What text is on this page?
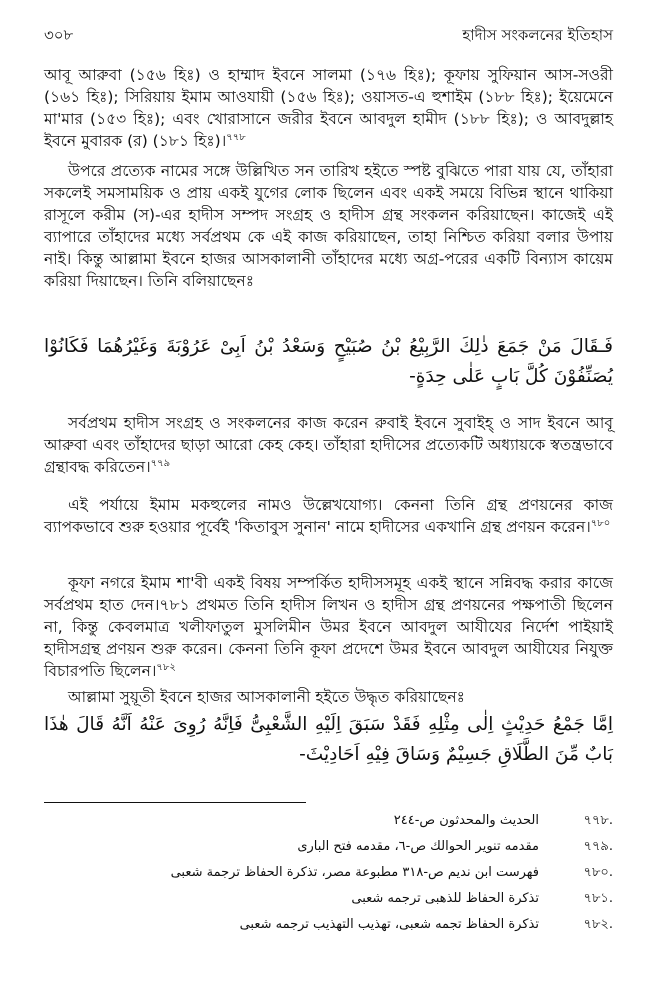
৩০৮	হাদীস সংকলনের ইতিহাস

আবূ আরুবা (১৫৬ হিঃ) ও হাম্মাদ ইবনে সালমা (১৭৬ হিঃ); কূফায় সুফিয়ান আস-সওরী (১৬১ হিঃ); সিরিয়ায় ইমাম আওযায়ী (১৫৬ হিঃ); ওয়াসত-এ হুশাইম (১৮৮ হিঃ); ইয়েমেনে মা'মার (১৫৩ হিঃ); এবং খোরাসানে জরীর ইবনে আবদুল হামীদ (১৮৮ হিঃ); ও আবদুল্লাহ ইবনে মুবারক (র) (১৮১ হিঃ)।$^{৭৭৮}$

উপরে প্রত্যেক নামের সঙ্গে উল্লিখিত সন তারিখ হইতে স্পষ্ট বুঝিতে পারা যায় যে, তাঁহারা সকলেই সমসাময়িক ও প্রায় একই যুগের লোক ছিলেন এবং একই সময়ে বিভিন্ন স্থানে থাকিয়া রাসূলে করীম (স)-এর হাদীস সম্পদ সংগ্রহ ও হাদীস গ্রন্থ সংকলন করিয়াছেন। কাজেই এই ব্যাপারে তাঁহাদের মধ্যে সর্বপ্রথম কে এই কাজ করিয়াছেন, তাহা নিশ্চিত করিয়া বলার উপায় নাই। কিন্তু আল্লামা ইবনে হাজর আসকালানী তাঁহাদের মধ্যে অগ্র-পরের একটি বিন্যাস কায়েম করিয়া দিয়াছেন। তিনি বলিয়াছেনঃ

فَـقَالَ مَنْ جَمَعَ ذٰلِكَ الرَّبِيْعُ بْنُ صُبَيْحٍ وَسَعْدُ بْنُ اَبِىْ عَرُوْبَةَ وَغَيْرُهُمَا فَكَانُوْا يُصَنِّفُوْنَ كُلَّ بَابٍ عَلٰى حِدَةٍ-

সর্বপ্রথম হাদীস সংগ্রহ ও সংকলনের কাজ করেন রুবাই ইবনে সুবাইহ্ ও সাদ ইবনে আবূ আরুবা এবং তাঁহাদের ছাড়া আরো কেহ কেহ। তাঁহারা হাদীসের প্রত্যেকটি অধ্যায়কে স্বতন্ত্রভাবে গ্রন্থাবদ্ধ করিতেন।$^{৭৭৯}$

এই পর্যায়ে ইমাম মকহুলের নামও উল্লেখযোগ্য। কেননা তিনি গ্রন্থ প্রণয়নের কাজ ব্যাপকভাবে শুরু হওয়ার পূর্বেই 'কিতাবুস সুনান' নামে হাদীসের একখানি গ্রন্থ প্রণয়ন করেন।$^{৭৮০}$

কূফা নগরে ইমাম শা'বী একই বিষয় সম্পর্কিত হাদীসসমূহ একই স্থানে সন্নিবদ্ধ করার কাজে সর্বপ্রথম হাত দেন।৭৮১ প্রথমত তিনি হাদীস লিখন ও হাদীস গ্রন্থ প্রণয়নের পক্ষপাতী ছিলেন না, কিন্তু কেবলমাত্র খলীফাতুল মুসলিমীন উমর ইবনে আবদুল আযীযের নির্দেশ পাইয়াই হাদীসগ্রন্থ প্রণয়ন শুরু করেন। কেননা তিনি কূফা প্রদেশে উমর ইবনে আবদুল আযীযের নিযুক্ত বিচারপতি ছিলেন।$^{৭৮২}$

আল্লামা সুয়ূতী ইবনে হাজর আসকালানী হইতে উদ্ধৃত করিয়াছেনঃ

اِمَّا جَمْعُ حَدِيْثٍ اِلٰى مِثْلِهِ فَقَدْ سَبَقَ اِلَيْهِ الشَّعْبِىُّ فَاِنَّهُ رُوِىَ عَنْهُ اَنَّهُ قَالَ هٰذَا بَابٌ مِّنَ الطَّلَاقِ جَسِيْمٌ وَسَاقَ فِيْهِ اَحَادِيْثَ-

الحديث والمحدثون ص-٢٤٤	৭৭৮.
مقدمه تنوير الحوالك ص-٦، مقدمه فتح البارى	৭৭৯.
فهرست ابن نديم ص-٣١٨ مطبوعة مصر، تذكرة الحفاظ ترجمة شعبى	৭৮০.
تذكرة الحفاظ للذهبى ترجمه شعبى	৭৮১.
تذكرة الحفاظ تجمه شعبى، تهذيب التهذيب ترجمه شعبى	৭৮২.
